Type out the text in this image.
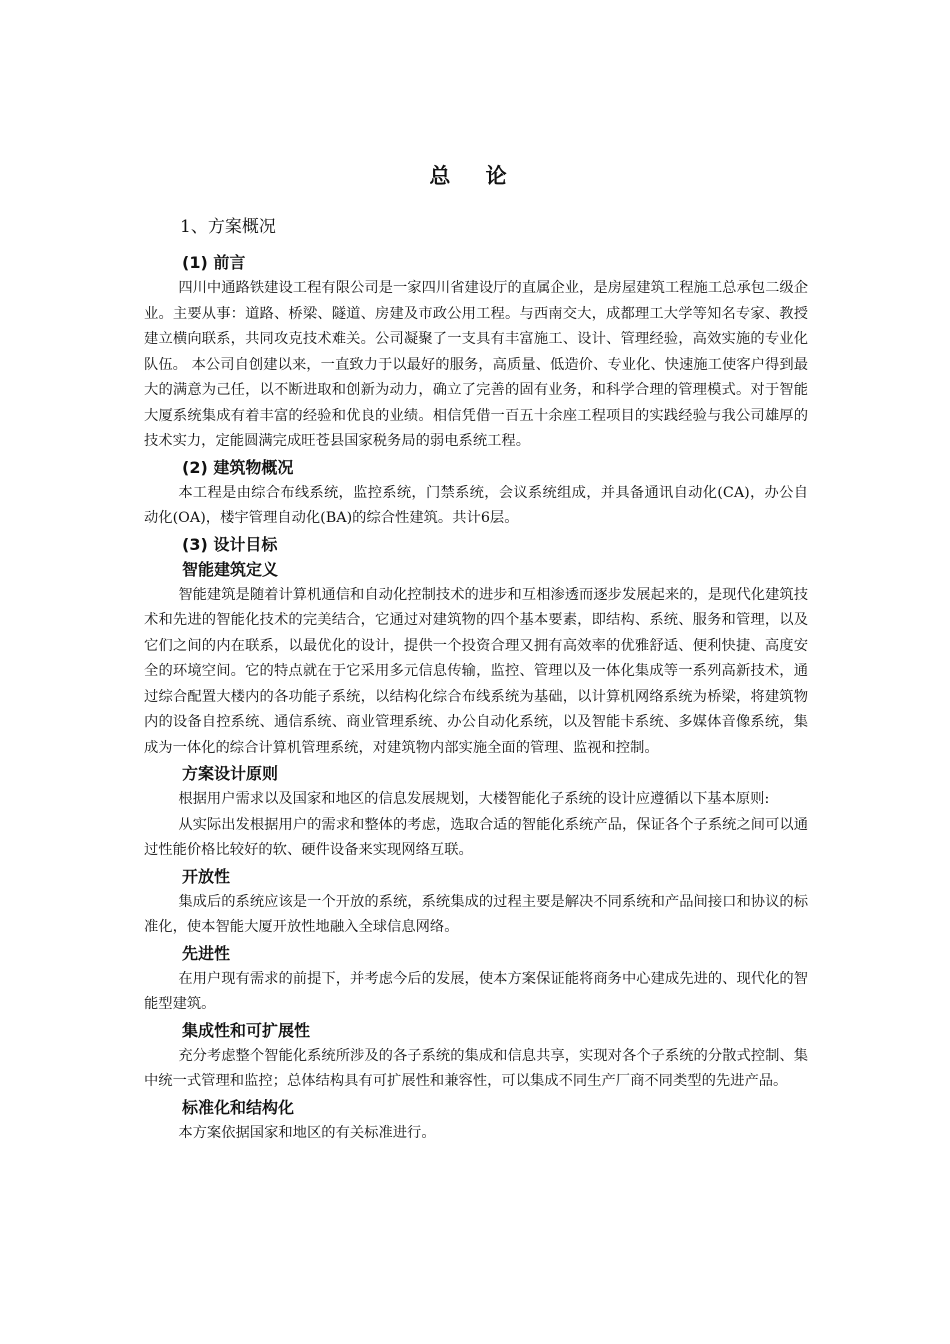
总 论
1、方案概况
(1) 前言
四川中通路铁建设工程有限公司是一家四川省建设厅的直属企业，是房屋建筑工程施工总承包二级企业。主要从事：道路、桥梁、隧道、房建及市政公用工程。与西南交大，成都理工大学等知名专家、教授建立横向联系，共同攻克技术难关。公司凝聚了一支具有丰富施工、设计、管理经验，高效实施的专业化队伍。 本公司自创建以来，一直致力于以最好的服务，高质量、低造价、专业化、快速施工使客户得到最大的满意为己任，以不断进取和创新为动力，确立了完善的固有业务，和科学合理的管理模式。对于智能大厦系统集成有着丰富的经验和优良的业绩。相信凭借一百五十余座工程项目的实践经验与我公司雄厚的技术实力，定能圆满完成旺苍县国家税务局的弱电系统工程。
(2) 建筑物概况
本工程是由综合布线系统，监控系统，门禁系统，会议系统组成，并具备通讯自动化(CA)，办公自动化(OA)，楼宇管理自动化(BA)的综合性建筑。共计6层。
(3) 设计目标
智能建筑定义
智能建筑是随着计算机通信和自动化控制技术的进步和互相渗透而逐步发展起来的，是现代化建筑技术和先进的智能化技术的完美结合，它通过对建筑物的四个基本要素，即结构、系统、服务和管理，以及它们之间的内在联系，以最优化的设计，提供一个投资合理又拥有高效率的优雅舒适、便利快捷、高度安全的环境空间。它的特点就在于它采用多元信息传输，监控、管理以及一体化集成等一系列高新技术，通过综合配置大楼内的各功能子系统，以结构化综合布线系统为基础，以计算机网络系统为桥梁，将建筑物内的设备自控系统、通信系统、商业管理系统、办公自动化系统，以及智能卡系统、多媒体音像系统，集成为一体化的综合计算机管理系统，对建筑物内部实施全面的管理、监视和控制。
方案设计原则
根据用户需求以及国家和地区的信息发展规划，大楼智能化子系统的设计应遵循以下基本原则:
从实际出发根据用户的需求和整体的考虑，选取合适的智能化系统产品，保证各个子系统之间可以通过性能价格比较好的软、硬件设备来实现网络互联。
开放性
集成后的系统应该是一个开放的系统，系统集成的过程主要是解决不同系统和产品间接口和协议的标准化，使本智能大厦开放性地融入全球信息网络。
先进性
在用户现有需求的前提下，并考虑今后的发展，使本方案保证能将商务中心建成先进的、现代化的智能型建筑。
集成性和可扩展性
充分考虑整个智能化系统所涉及的各子系统的集成和信息共享，实现对各个子系统的分散式控制、集中统一式管理和监控；总体结构具有可扩展性和兼容性，可以集成不同生产厂商不同类型的先进产品。
标准化和结构化
本方案依据国家和地区的有关标准进行。
